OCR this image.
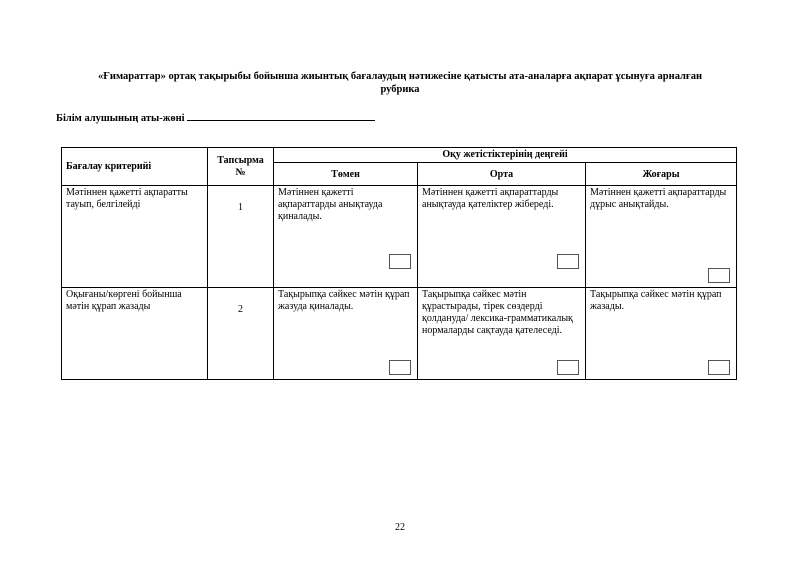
«Ғимараттар» ортақ тақырыбы бойынша жиынтық бағалаудың нәтижесіне қатысты ата-аналарға ақпарат ұсынуға арналған
рубрика
Білім алушының аты-жөні
Бағалау критерийі	Тапсырма №	Оқу жетістіктерінің деңгейі		
		Төмен	Орта	Жоғары
Мәтіннен қажетті ақпаратты тауып, белгілейді	1	Мәтіннен қажетті ақпараттарды анықтауда қиналады.	Мәтіннен қажетті ақпараттарды анықтауда қателіктер жібереді.	Мәтіннен қажетті ақпараттарды дұрыс анықтайды.

Оқығаны/көргені бойынша мәтін құрап жазады	2	Тақырыпқа сәйкес мәтін құрап жазуда қиналады.	Тақырыпқа сәйкес мәтін құрастырады, тірек сөздерді қолдануда/ лексика-грамматикалық нормаларды сақтауда қателеседі.	Тақырыпқа сәйкес мәтін құрап жазады.
22
